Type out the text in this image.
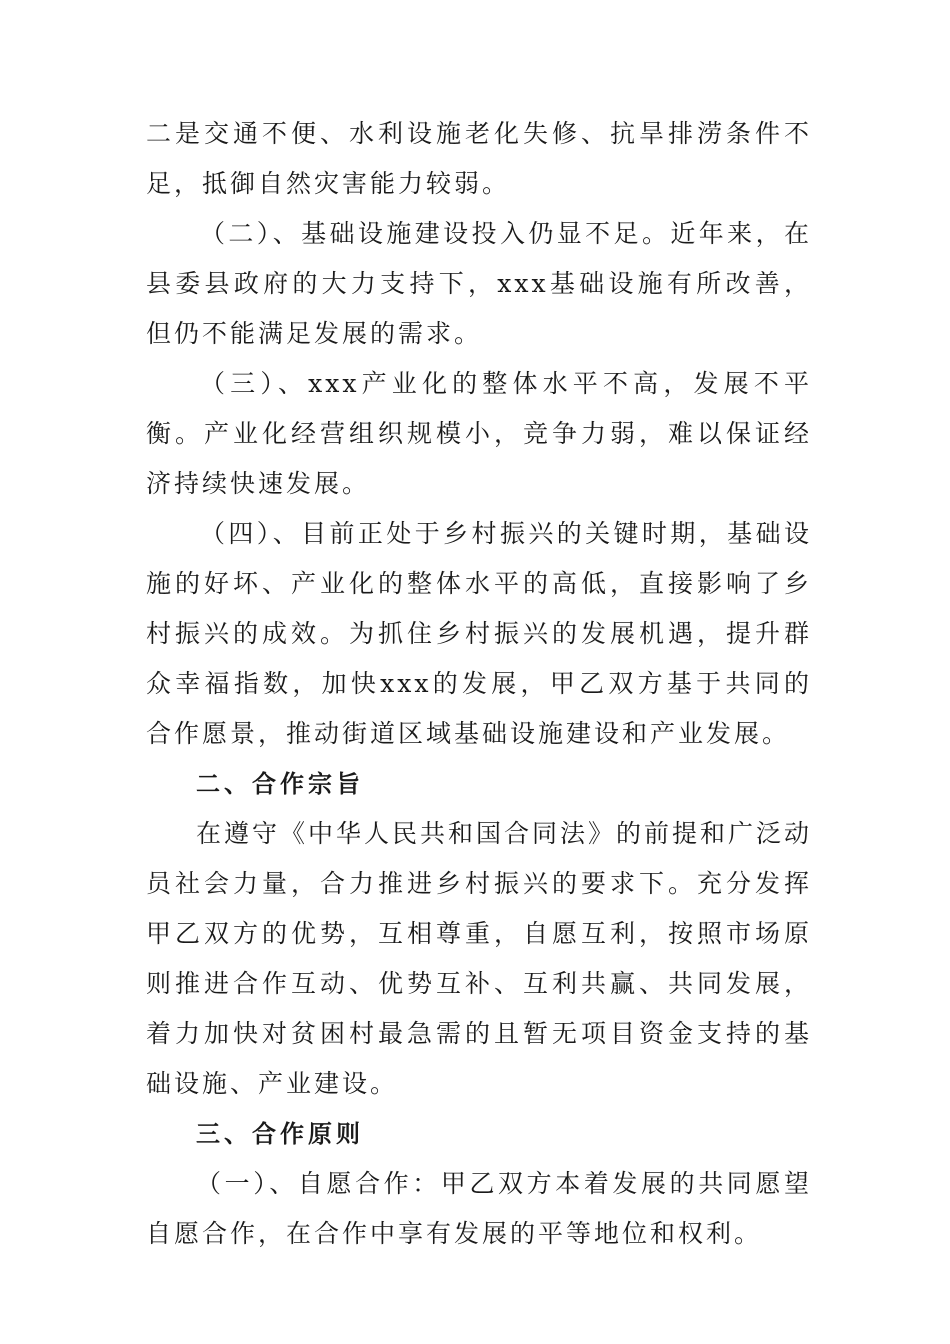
二是交通不便、水利设施老化失修、抗旱排涝条件不足，抵御自然灾害能力较弱。

（二）、基础设施建设投入仍显不足。近年来，在县委县政府的大力支持下，xxx基础设施有所改善，但仍不能满足发展的需求。

（三）、xxx产业化的整体水平不高，发展不平衡。产业化经营组织规模小，竞争力弱，难以保证经济持续快速发展。

（四）、目前正处于乡村振兴的关键时期，基础设施的好坏、产业化的整体水平的高低，直接影响了乡村振兴的成效。为抓住乡村振兴的发展机遇，提升群众幸福指数，加快xxx的发展，甲乙双方基于共同的合作愿景，推动街道区域基础设施建设和产业发展。

二、合作宗旨

在遵守《中华人民共和国合同法》的前提和广泛动员社会力量，合力推进乡村振兴的要求下。充分发挥甲乙双方的优势，互相尊重，自愿互利，按照市场原则推进合作互动、优势互补、互利共赢、共同发展，着力加快对贫困村最急需的且暂无项目资金支持的基础设施、产业建设。

三、合作原则

（一）、自愿合作：甲乙双方本着发展的共同愿望自愿合作，在合作中享有发展的平等地位和权利。
